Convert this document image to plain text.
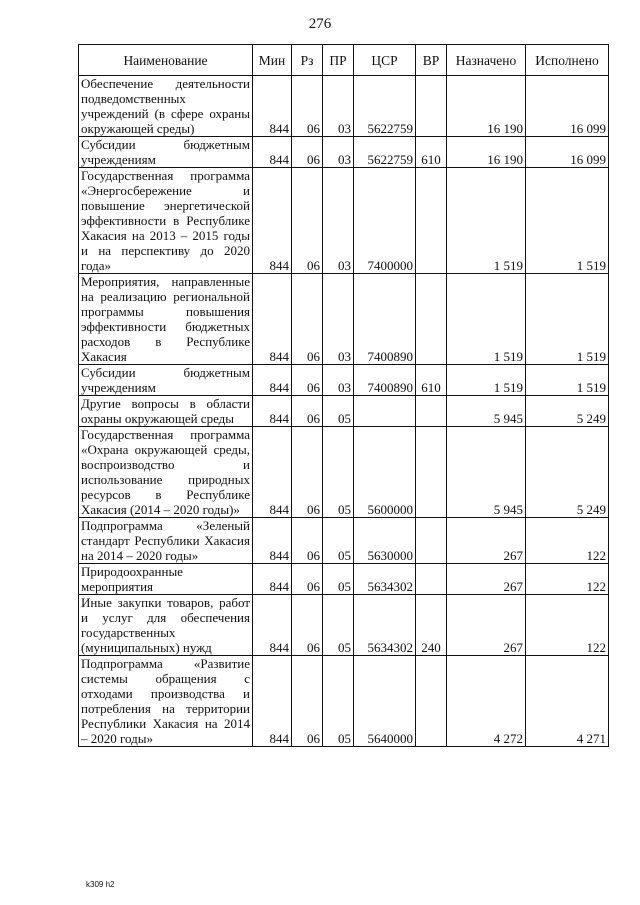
276
Наименование	Мин	Рз	ПР	ЦСР	ВР	Назначено	Исполнено
Обеспечение деятельности подведомственных учреждений (в сфере охраны окружающей среды)	844	06	03	5622759		16 190	16 099
Субсидии бюджетным учреждениям	844	06	03	5622759	610	16 190	16 099
Государственная программа «Энергосбережение и повышение энергетической эффективности в Республике Хакасия на 2013 – 2015 годы и на перспективу до 2020 года»	844	06	03	7400000		1 519	1 519
Мероприятия, направленные на реализацию региональной программы повышения эффективности бюджетных расходов в Республике Хакасия	844	06	03	7400890		1 519	1 519
Субсидии бюджетным учреждениям	844	06	03	7400890	610	1 519	1 519
Другие вопросы в области охраны окружающей среды	844	06	05			5 945	5 249
Государственная программа «Охрана окружающей среды, воспроизводство и использование природных ресурсов в Республике Хакасия (2014 – 2020 годы)»	844	06	05	5600000		5 945	5 249
Подпрограмма «Зеленый стандарт Республики Хакасия на 2014 – 2020 годы»	844	06	05	5630000		267	122
Природоохранные мероприятия	844	06	05	5634302		267	122
Иные закупки товаров, работ и услуг для обеспечения государственных (муниципальных) нужд	844	06	05	5634302	240	267	122
Подпрограмма «Развитие системы обращения с отходами производства и потребления на территории Республики Хакасия на 2014 – 2020 годы»	844	06	05	5640000		4 272	4 271
k309 h2
